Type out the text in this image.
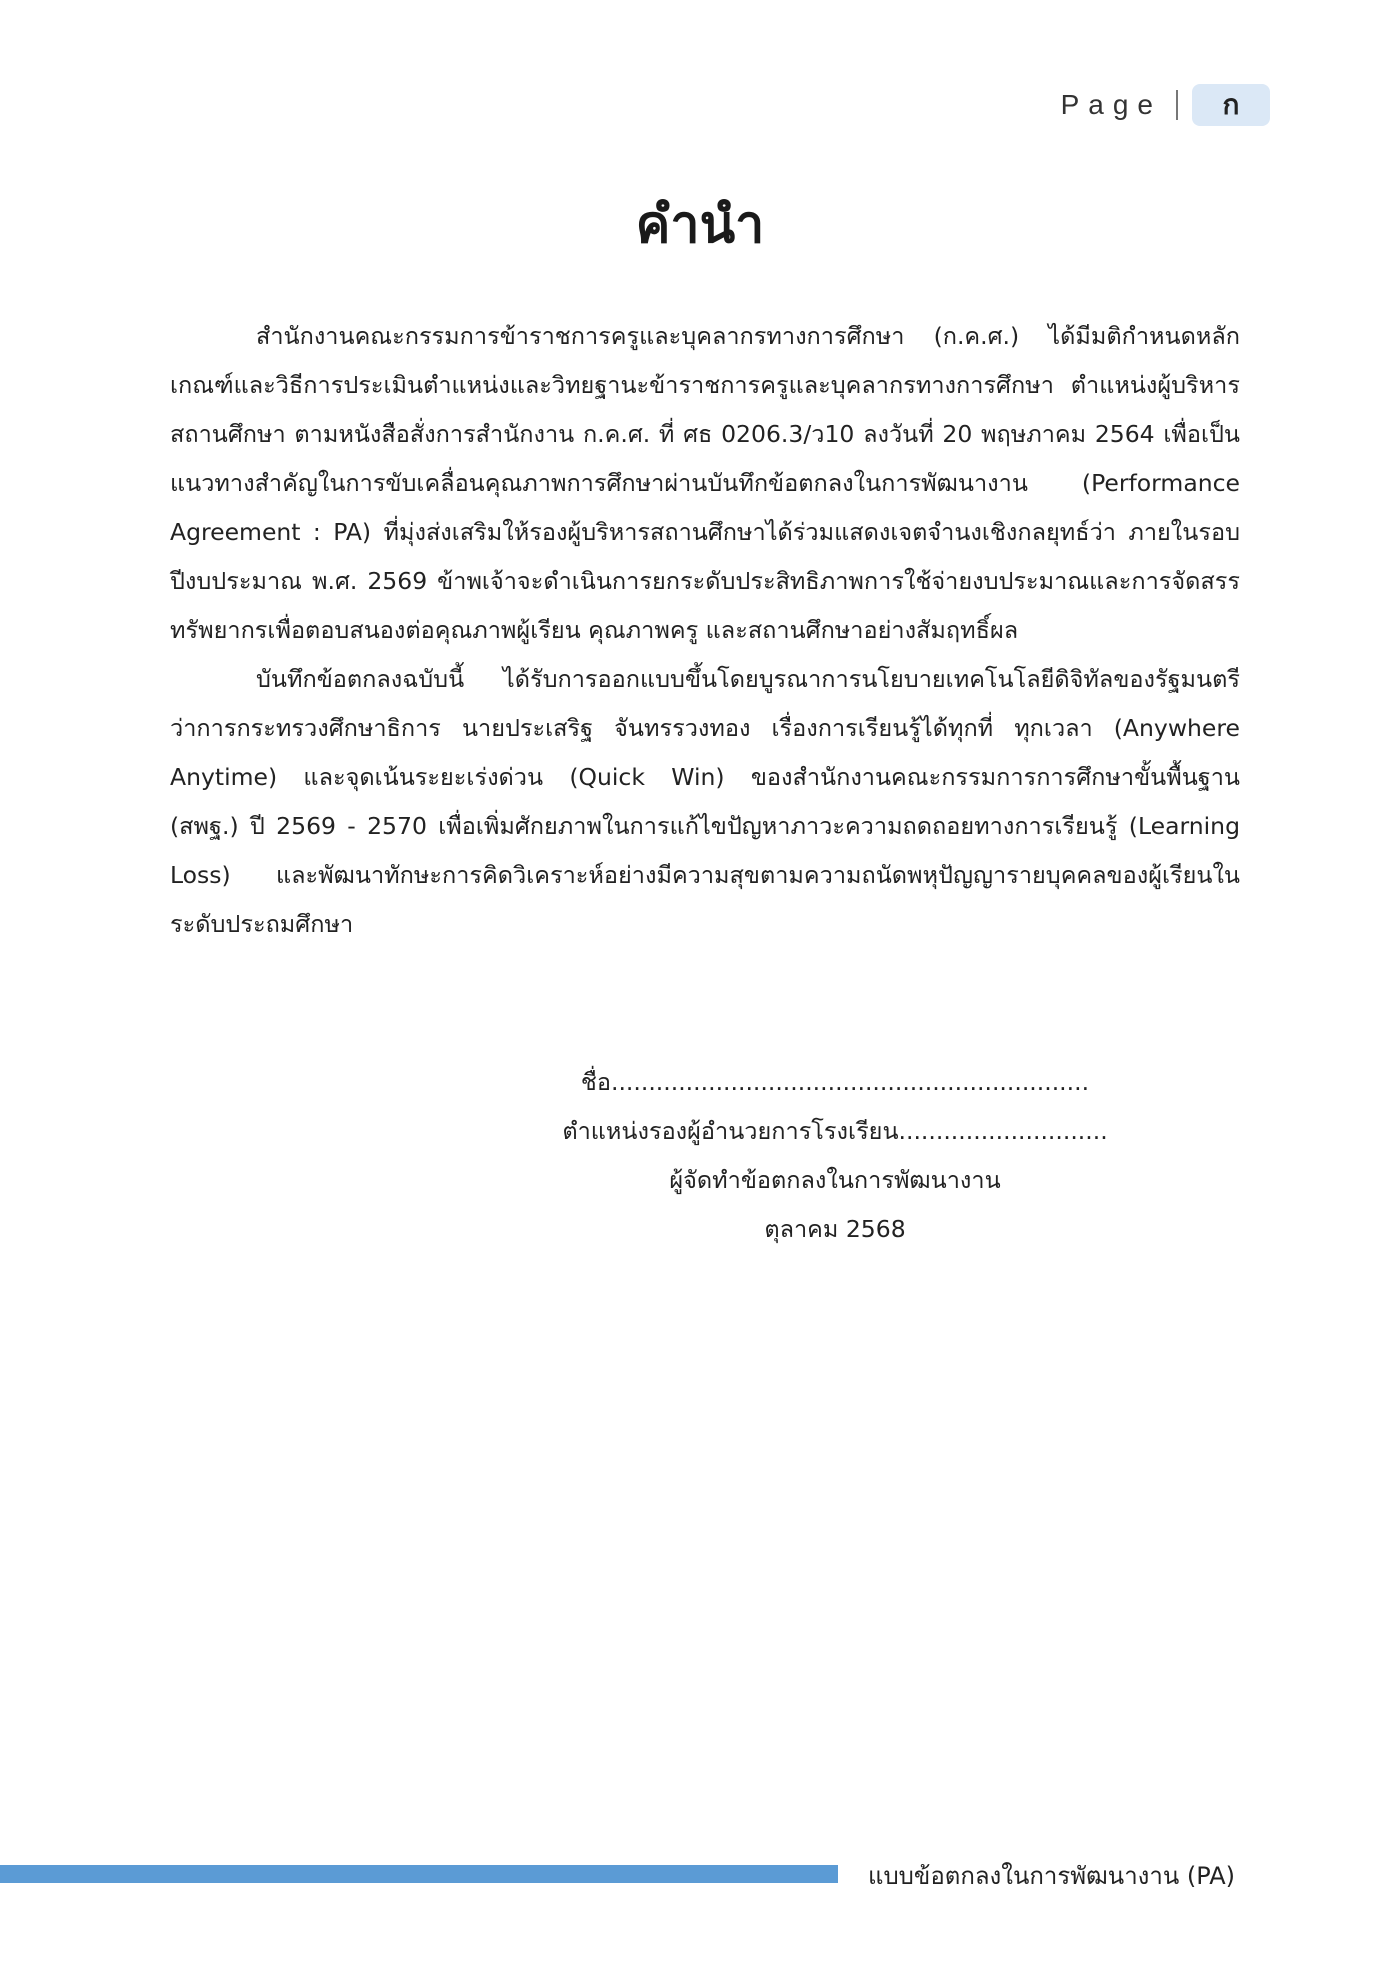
Page	ก
คำนำ

สำนักงานคณะกรรมการข้าราชการครูและบุคลากรทางการศึกษา (ก.ค.ศ.) ได้มีมติกำหนดหลักเกณฑ์และวิธีการประเมินตำแหน่งและวิทยฐานะข้าราชการครูและบุคลากรทางการศึกษา ตำแหน่งผู้บริหารสถานศึกษา ตามหนังสือสั่งการสำนักงาน ก.ค.ศ. ที่ ศธ 0206.3/ว10 ลงวันที่ 20 พฤษภาคม 2564 เพื่อเป็นแนวทางสำคัญในการขับเคลื่อนคุณภาพการศึกษาผ่านบันทึกข้อตกลงในการพัฒนางาน (Performance Agreement : PA) ที่มุ่งส่งเสริมให้รองผู้บริหารสถานศึกษาได้ร่วมแสดงเจตจำนงเชิงกลยุทธ์ว่า ภายในรอบปีงบประมาณ พ.ศ. 2569 ข้าพเจ้าจะดำเนินการยกระดับประสิทธิภาพการใช้จ่ายงบประมาณและการจัดสรรทรัพยากรเพื่อตอบสนองต่อคุณภาพผู้เรียน คุณภาพครู และสถานศึกษาอย่างสัมฤทธิ์ผล

บันทึกข้อตกลงฉบับนี้ ได้รับการออกแบบขึ้นโดยบูรณาการนโยบายเทคโนโลยีดิจิทัลของรัฐมนตรีว่าการกระทรวงศึกษาธิการ นายประเสริฐ จันทรรวงทอง เรื่องการเรียนรู้ได้ทุกที่ ทุกเวลา (Anywhere Anytime) และจุดเน้นระยะเร่งด่วน (Quick Win) ของสำนักงานคณะกรรมการการศึกษาขั้นพื้นฐาน (สพฐ.) ปี 2569 - 2570 เพื่อเพิ่มศักยภาพในการแก้ไขปัญหาภาวะความถดถอยทางการเรียนรู้ (Learning Loss) และพัฒนาทักษะการคิดวิเคราะห์อย่างมีความสุขตามความถนัดพหุปัญญารายบุคคลของผู้เรียนในระดับประถมศึกษา

ชื่อ................................................................
ตำแหน่งรองผู้อำนวยการโรงเรียน............................
ผู้จัดทำข้อตกลงในการพัฒนางาน
ตุลาคม 2568
แบบข้อตกลงในการพัฒนางาน (PA)
